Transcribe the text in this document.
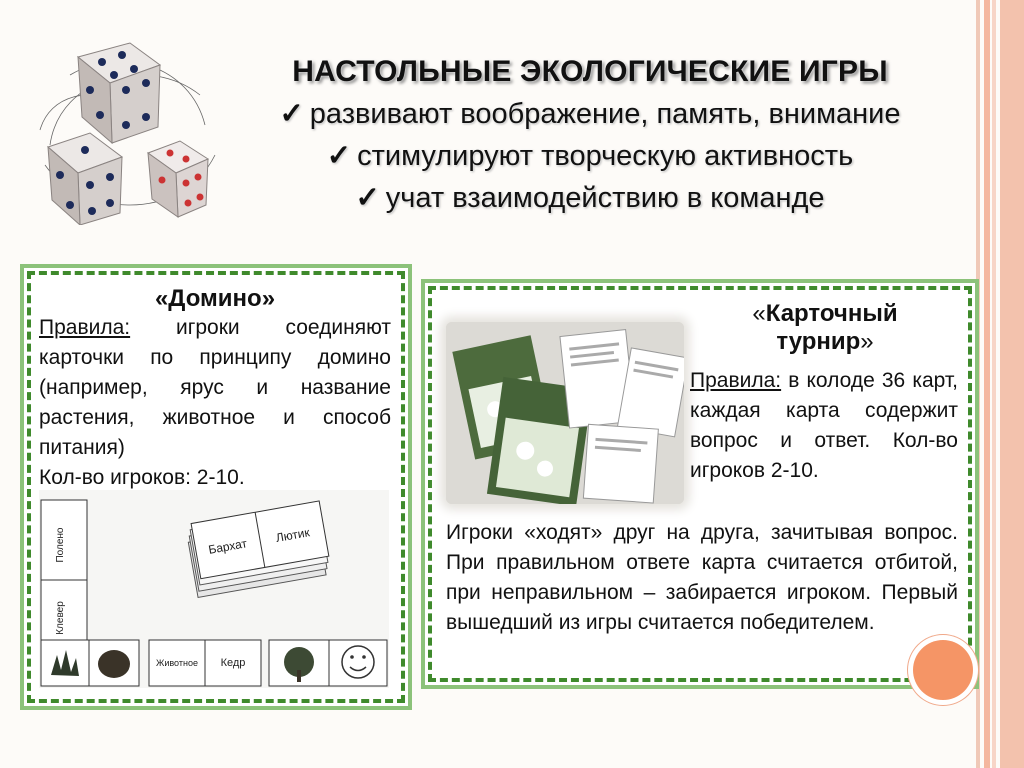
НАСТОЛЬНЫЕ ЭКОЛОГИЧЕСКИЕ ИГРЫ
✓ развивают воображение, память, внимание
✓ стимулируют творческую активность
✓ учат взаимодействию в команде
«Домино»
Правила: игроки соединяют карточки по принципу домино (например, ярус и название растения, животное и способ питания)
Кол-во игроков: 2-10.
Бархат
Лютик
Полено
Клевер
Животное Кедр
«Карточный
турнир»
Правила: в колоде 36 карт, каждая карта содержит вопрос и ответ. Кол-во игроков 2-10.
Игроки «ходят» друг на друга, зачитывая вопрос. При правильном ответе карта считается отбитой, при неправильном – забирается игроком. Первый вышедший из игры считается победителем.
